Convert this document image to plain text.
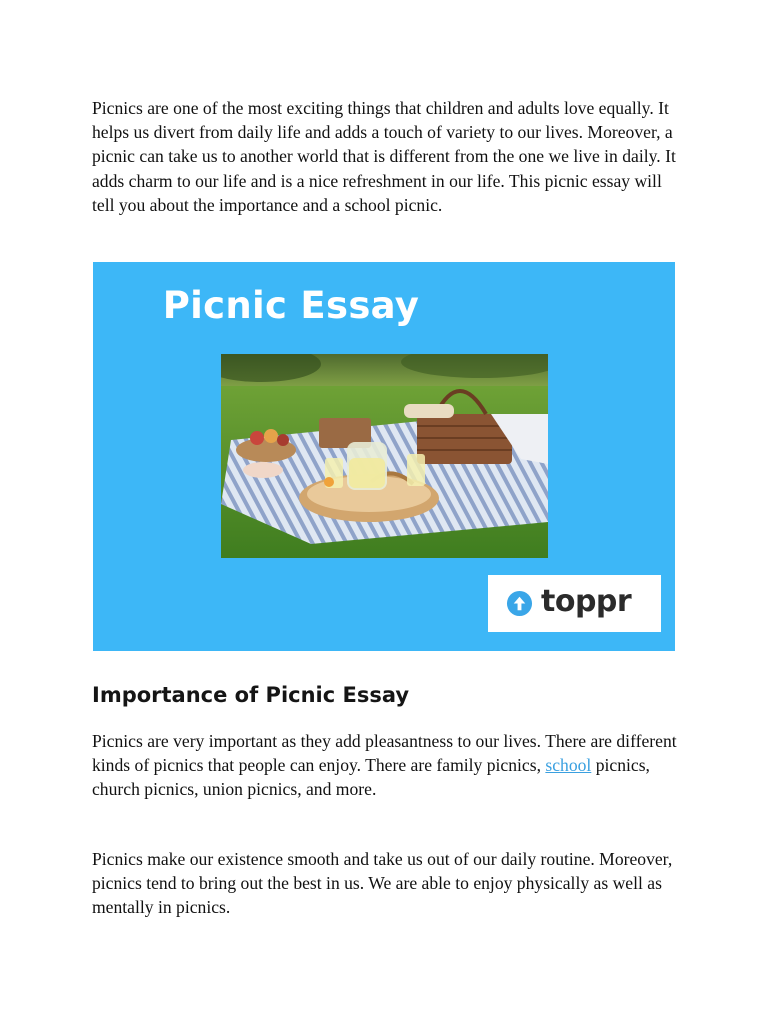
Picnics are one of the most exciting things that children and adults love equally. It helps us divert from daily life and adds a touch of variety to our lives. Moreover, a picnic can take us to another world that is different from the one we live in daily. It adds charm to our life and is a nice refreshment in our life. This picnic essay will tell you about the importance and a school picnic.

Picnic Essay
toppr
Importance of Picnic Essay

Picnics are very important as they add pleasantness to our lives. There are different kinds of picnics that people can enjoy. There are family picnics, school picnics, church picnics, union picnics, and more.

Picnics make our existence smooth and take us out of our daily routine. Moreover, picnics tend to bring out the best in us. We are able to enjoy physically as well as mentally in picnics.
